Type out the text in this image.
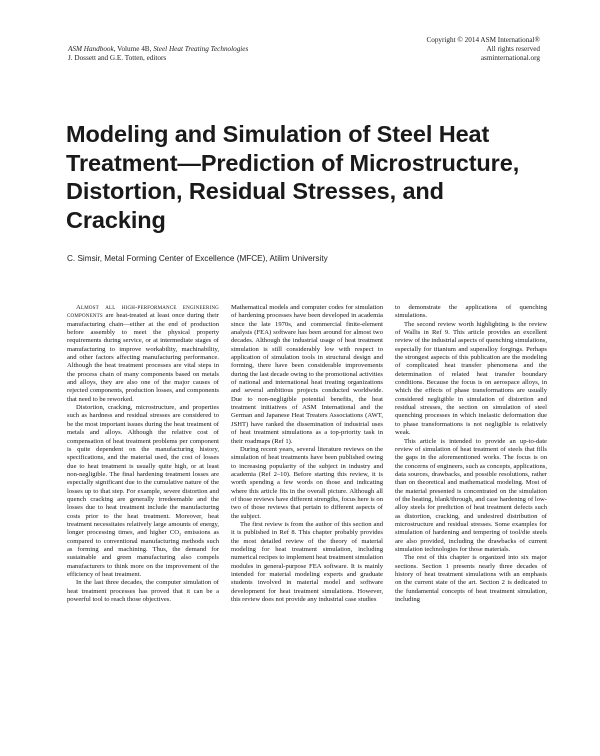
ASM Handbook, Volume 4B, Steel Heat Treating Technologies
J. Dossett and G.E. Totten, editors
Copyright © 2014 ASM International®
All rights reserved
asminternational.org
Modeling and Simulation of Steel Heat Treatment—Prediction of Microstructure, Distortion, Residual Stresses, and Cracking
C. Simsir, Metal Forming Center of Excellence (MFCE), Atilim University

Almost all high-performance engineering components are heat-treated at least once during their manufacturing chain—either at the end of production before assembly to meet the physical property requirements during service, or at intermediate stages of manufacturing to improve workability, machinability, and other factors affecting manufacturing performance. Although the heat treatment processes are vital steps in the process chain of many components based on metals and alloys, they are also one of the major causes of rejected components, production losses, and components that need to be reworked.

Distortion, cracking, microstructure, and properties such as hardness and residual stresses are considered to be the most important issues during the heat treatment of metals and alloys. Although the relative cost of compensation of heat treatment problems per component is quite dependent on the manufacturing history, specifications, and the material used, the cost of losses due to heat treatment is usually quite high, or at least non-negligible. The final hardening treatment losses are especially significant due to the cumulative nature of the losses up to that step. For example, severe distortion and quench cracking are generally irredeemable and the losses due to heat treatment include the manufacturing costs prior to the heat treatment. Moreover, heat treatment necessitates relatively large amounts of energy, longer processing times, and higher CO₂ emissions as compared to conventional manufacturing methods such as forming and machining. Thus, the demand for sustainable and green manufacturing also compels manufacturers to think more on the improvement of the efficiency of heat treatment.

In the last three decades, the computer simulation of heat treatment processes has proved that it can be a powerful tool to reach those objectives.

Mathematical models and computer codes for simulation of hardening processes have been developed in academia since the late 1970s, and commercial finite-element analysis (FEA) software has been around for almost two decades. Although the industrial usage of heat treatment simulation is still considerably low with respect to application of simulation tools in structural design and forming, there have been considerable improvements during the last decade owing to the promotional activities of national and international heat treating organizations and several ambitious projects conducted worldwide. Due to non-negligible potential benefits, the heat treatment initiatives of ASM International and the German and Japanese Heat Treaters Associations (AWT, JSHT) have ranked the dissemination of industrial uses of heat treatment simulations as a top-priority task in their roadmaps (Ref 1).

During recent years, several literature reviews on the simulation of heat treatments have been published owing to increasing popularity of the subject in industry and academia (Ref 2–10). Before starting this review, it is worth spending a few words on those and indicating where this article fits in the overall picture. Although all of those reviews have different strengths, focus here is on two of those reviews that pertain to different aspects of the subject.

The first review is from the author of this section and it is published in Ref 8. This chapter probably provides the most detailed review of the theory of material modeling for heat treatment simulation, including numerical recipes to implement heat treatment simulation modules in general-purpose FEA software. It is mainly intended for material modeling experts and graduate students involved in material model and software development for heat treatment simulations. However, this review does not provide any industrial case studies

to demonstrate the applications of quenching simulations.

The second review worth highlighting is the review of Wallis in Ref 9. This article provides an excellent review of the industrial aspects of quenching simulations, especially for titanium and superalloy forgings. Perhaps the strongest aspects of this publication are the modeling of complicated heat transfer phenomena and the determination of related heat transfer boundary conditions. Because the focus is on aerospace alloys, in which the effects of phase transformations are usually considered negligible in simulation of distortion and residual stresses, the section on simulation of steel quenching processes in which inelastic deformation due to phase transformations is not negligible is relatively weak.

This article is intended to provide an up-to-date review of simulation of heat treatment of steels that fills the gaps in the aforementioned works. The focus is on the concerns of engineers, such as concepts, applications, data sources, drawbacks, and possible resolutions, rather than on theoretical and mathematical modeling. Most of the material presented is concentrated on the simulation of the heating, blank/through, and case hardening of low-alloy steels for prediction of heat treatment defects such as distortion, cracking, and undesired distribution of microstructure and residual stresses. Some examples for simulation of hardening and tempering of tool/die steels are also provided, including the drawbacks of current simulation technologies for those materials.

The rest of this chapter is organized into six major sections. Section 1 presents nearly three decades of history of heat treatment simulations with an emphasis on the current state of the art. Section 2 is dedicated to the fundamental concepts of heat treatment simulation, including
